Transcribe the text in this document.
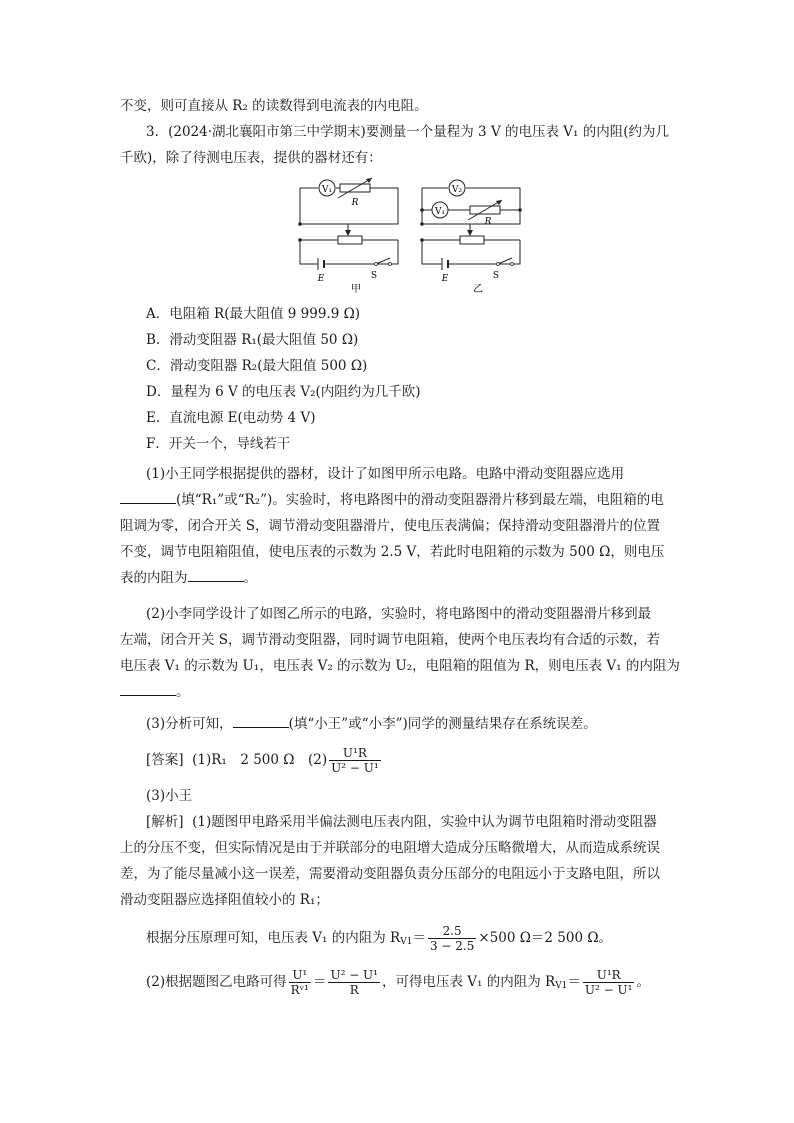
不变，则可直接从 R₂ 的读数得到电流表的内电阻。
3．(2024·湖北襄阳市第三中学期末)要测量一个量程为 3 V 的电压表 V₁ 的内阻(约为几
千欧)，除了待测电压表，提供的器材还有：
V₁
R
E	S
甲
V₂
V₁
R
E	S
乙
A．电阻箱 R(最大阻值 9 999.9 Ω)
B．滑动变阻器 R₁(最大阻值 50 Ω)
C．滑动变阻器 R₂(最大阻值 500 Ω)
D．量程为 6 V 的电压表 V₂(内阻约为几千欧)
E．直流电源 E(电动势 4 V)
F．开关一个，导线若干
(1)小王同学根据提供的器材，设计了如图甲所示电路。电路中滑动变阻器应选用
(填“R₁”或“R₂”)。实验时，将电路图中的滑动变阻器滑片移到最左端，电阻箱的电
阻调为零，闭合开关 S，调节滑动变阻器滑片，使电压表满偏；保持滑动变阻器滑片的位置
不变，调节电阻箱阻值，使电压表的示数为 2.5 V，若此时电阻箱的示数为 500 Ω，则电压
表的内阻为	。
(2)小李同学设计了如图乙所示的电路，实验时，将电路图中的滑动变阻器滑片移到最
左端，闭合开关 S，调节滑动变阻器，同时调节电阻箱，使两个电压表均有合适的示数，若
电压表 V₁ 的示数为 U₁，电压表 V₂ 的示数为 U₂，电阻箱的阻值为 R，则电压表 V₁ 的内阻为
。
(3)分析可知，	(填“小王”或“小李”)同学的测量结果存在系统误差。
[答案] (1)R₁　2 500 Ω　$(2) \frac{\text{U¹R}}{\text{U² − U¹}}$
(3)小王
[解析] (1)题图甲电路采用半偏法测电压表内阻，实验中认为调节电阻箱时滑动变阻器
上的分压不变，但实际情况是由于并联部分的电阻增大造成分压略微增大，从而造成系统误
差，为了能尽量减小这一误差，需要滑动变阻器负责分压部分的电阻远小于支路电阻，所以
滑动变阻器应选择阻值较小的 R₁；
根据分压原理可知，电压表 V₁ 的内阻为 $R_{V1}= \frac{2.5}{3 - 2.5} \times 500$ Ω＝2 500 Ω。
(2)根据题图乙电路可得 $\frac{\text{U¹}}{\text{Rᵛ¹}} = \frac{\text{U² − U¹}}{R}$ ，可得电压表 V₁ 的内阻为 $R_{V1}= \frac{\text{U¹R}}{\text{U² − U¹}}$ 。
